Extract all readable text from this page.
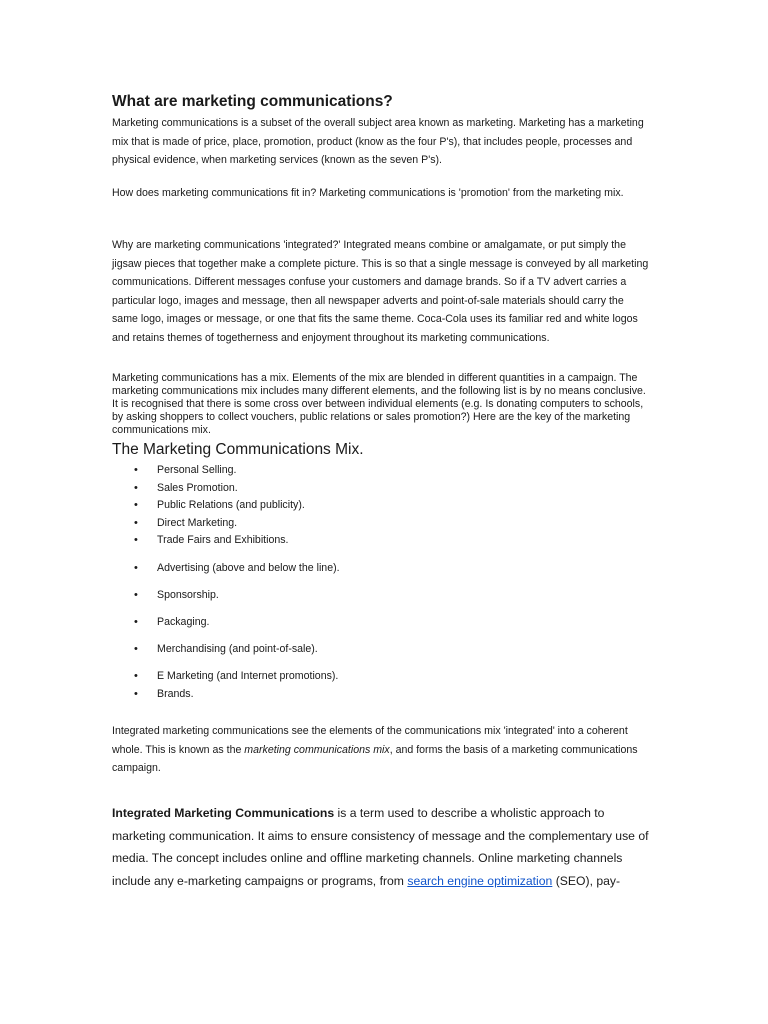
What are marketing communications?

Marketing communications is a subset of the overall subject area known as marketing. Marketing has a marketing mix that is made of price, place, promotion, product (know as the four P's), that includes people, processes and physical evidence, when marketing services (known as the seven P's).

How does marketing communications fit in? Marketing communications is 'promotion' from the marketing mix.

Why are marketing communications 'integrated?' Integrated means combine or amalgamate, or put simply the jigsaw pieces that together make a complete picture. This is so that a single message is conveyed by all marketing communications. Different messages confuse your customers and damage brands. So if a TV advert carries a particular logo, images and message, then all newspaper adverts and point-of-sale materials should carry the same logo, images or message, or one that fits the same theme. Coca-Cola uses its familiar red and white logos and retains themes of togetherness and enjoyment throughout its marketing communications.

Marketing communications has a mix. Elements of the mix are blended in different quantities in a campaign. The marketing communications mix includes many different elements, and the following list is by no means conclusive. It is recognised that there is some cross over between individual elements (e.g. Is donating computers to schools, by asking shoppers to collect vouchers, public relations or sales promotion?) Here are the key of the marketing communications mix.

The Marketing Communications Mix.
• Personal Selling.
• Sales Promotion.
• Public Relations (and publicity).
• Direct Marketing.
• Trade Fairs and Exhibitions.
• Advertising (above and below the line).
• Sponsorship.
• Packaging.
• Merchandising (and point-of-sale).
• E Marketing (and Internet promotions).
• Brands.

Integrated marketing communications see the elements of the communications mix 'integrated' into a coherent whole. This is known as the marketing communications mix, and forms the basis of a marketing communications campaign.

Integrated Marketing Communications is a term used to describe a wholistic approach to marketing communication. It aims to ensure consistency of message and the complementary use of media. The concept includes online and offline marketing channels. Online marketing channels include any e-marketing campaigns or programs, from search engine optimization (SEO), pay-
